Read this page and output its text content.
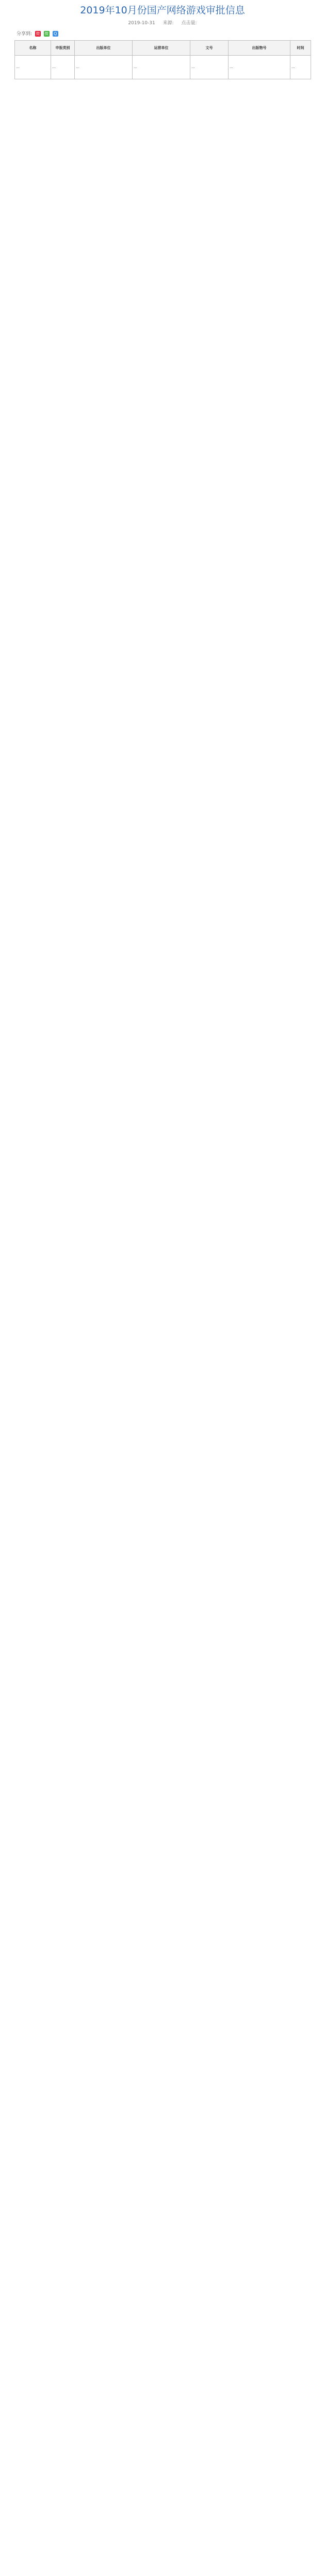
2019年10月份国产网络游戏审批信息
2019-10-31 来源: 点击量:
分享到: 微 微 Q
名称	申报类别	出版单位	运营单位	文号	出版物号	时间
…	…	…	…	…	…	…
